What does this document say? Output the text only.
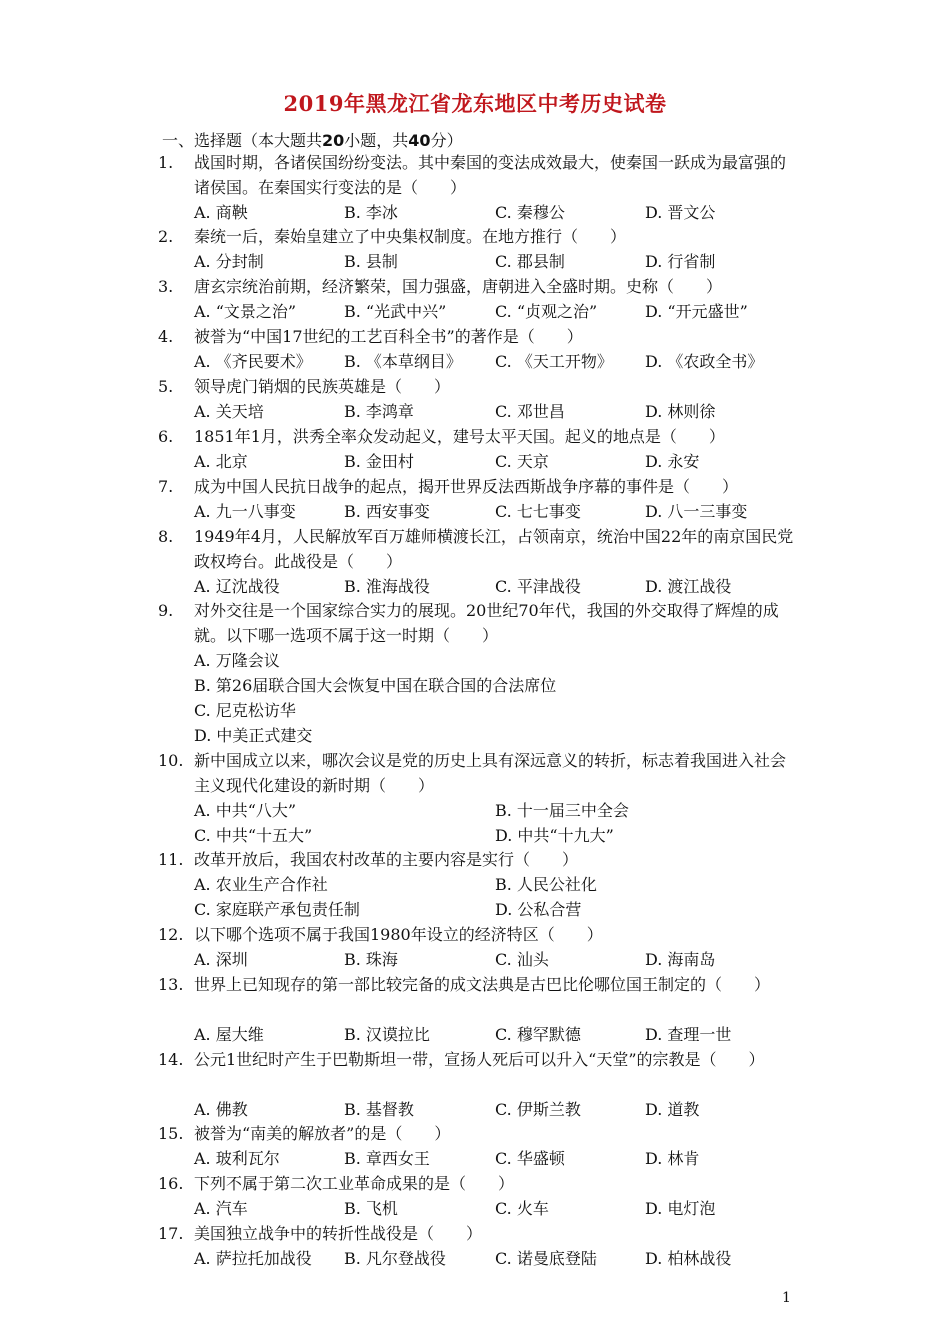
2019年黑龙江省龙东地区中考历史试卷
一、选择题（本大题共20小题，共40分）
1. 战国时期，各诸侯国纷纷变法。其中秦国的变法成效最大，使秦国一跃成为最富强的诸侯国。在秦国实行变法的是（　　）
A. 商鞅	B. 李冰	C. 秦穆公	D. 晋文公
2. 秦统一后，秦始皇建立了中央集权制度。在地方推行（　　）
A. 分封制	B. 县制	C. 郡县制	D. 行省制
3. 唐玄宗统治前期，经济繁荣，国力强盛，唐朝进入全盛时期。史称（　　）
A. “文景之治”	B. “光武中兴”	C. “贞观之治”	D. “开元盛世”
4. 被誉为“中国17世纪的工艺百科全书”的著作是（　　）
A. 《齐民要术》 B. 《本草纲目》 C. 《天工开物》 D. 《农政全书》
5. 领导虎门销烟的民族英雄是（　　）
A. 关天培	B. 李鸿章	C. 邓世昌	D. 林则徐
6. 1851年1月，洪秀全率众发动起义，建号太平天国。起义的地点是（　　）
A. 北京	B. 金田村	C. 天京	D. 永安
7. 成为中国人民抗日战争的起点，揭开世界反法西斯战争序幕的事件是（　　）
A. 九一八事变	B. 西安事变	C. 七七事变	D. 八一三事变
8. 1949年4月，人民解放军百万雄师横渡长江，占领南京，统治中国22年的南京国民党政权垮台。此战役是（　　）
A. 辽沈战役	B. 淮海战役	C. 平津战役	D. 渡江战役
9. 对外交往是一个国家综合实力的展现。20世纪70年代，我国的外交取得了辉煌的成就。以下哪一选项不属于这一时期（　　）
A. 万隆会议
B. 第26届联合国大会恢复中国在联合国的合法席位
C. 尼克松访华
D. 中美正式建交
10. 新中国成立以来，哪次会议是党的历史上具有深远意义的转折，标志着我国进入社会主义现代化建设的新时期（　　）
A. 中共“八大”	B. 十一届三中全会
C. 中共“十五大”	D. 中共“十九大”
11. 改革开放后，我国农村改革的主要内容是实行（　　）
A. 农业生产合作社	B. 人民公社化
C. 家庭联产承包责任制	D. 公私合营
12. 以下哪个选项不属于我国1980年设立的经济特区（　　）
A. 深圳	B. 珠海	C. 汕头	D. 海南岛
13. 世界上已知现存的第一部比较完备的成文法典是古巴比伦哪位国王制定的（　　）
A. 屋大维	B. 汉谟拉比	C. 穆罕默德	D. 查理一世
14. 公元1世纪时产生于巴勒斯坦一带，宣扬人死后可以升入“天堂”的宗教是（　　）
A. 佛教	B. 基督教	C. 伊斯兰教	D. 道教
15. 被誉为“南美的解放者”的是（　　）
A. 玻利瓦尔	B. 章西女王	C. 华盛顿	D. 林肯
16. 下列不属于第二次工业革命成果的是（　　）
A. 汽车	B. 飞机	C. 火车	D. 电灯泡
17. 美国独立战争中的转折性战役是（　　）
A. 萨拉托加战役 B. 凡尔登战役	C. 诺曼底登陆	D. 柏林战役
1
